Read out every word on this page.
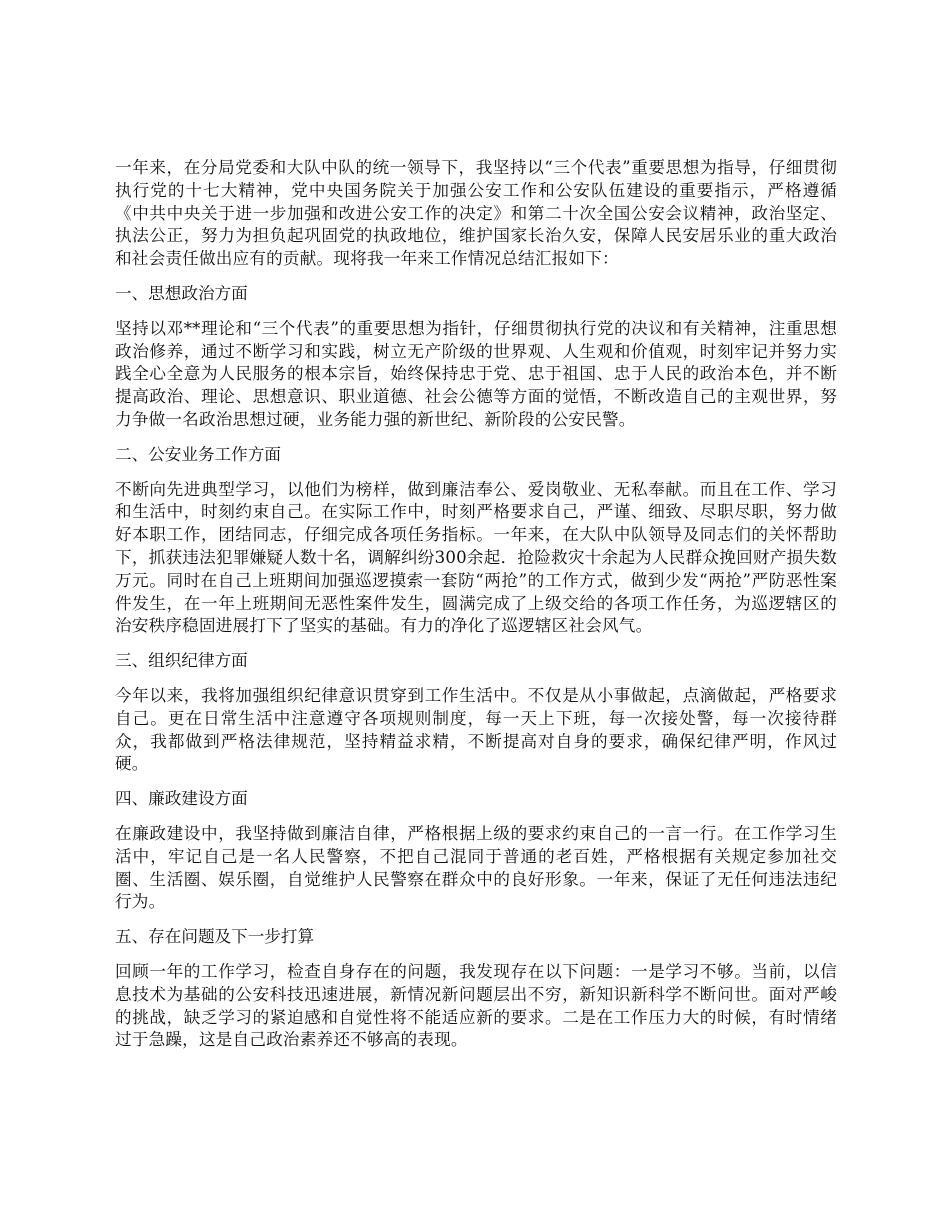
一年来，在分局党委和大队中队的统一领导下，我坚持以“三个代表”重要思想为指导，仔细贯彻执行党的十七大精神，党中央国务院关于加强公安工作和公安队伍建设的重要指示，严格遵循《中共中央关于进一步加强和改进公安工作的决定》和第二十次全国公安会议精神，政治坚定、执法公正，努力为担负起巩固党的执政地位，维护国家长治久安，保障人民安居乐业的重大政治和社会责任做出应有的贡献。现将我一年来工作情况总结汇报如下：

一、思想政治方面

坚持以邓**理论和“三个代表”的重要思想为指针，仔细贯彻执行党的决议和有关精神，注重思想政治修养，通过不断学习和实践，树立无产阶级的世界观、人生观和价值观，时刻牢记并努力实践全心全意为人民服务的根本宗旨，始终保持忠于党、忠于祖国、忠于人民的政治本色，并不断提高政治、理论、思想意识、职业道德、社会公德等方面的觉悟，不断改造自己的主观世界，努力争做一名政治思想过硬，业务能力强的新世纪、新阶段的公安民警。

二、公安业务工作方面

不断向先进典型学习，以他们为榜样，做到廉洁奉公、爱岗敬业、无私奉献。而且在工作、学习和生活中，时刻约束自己。在实际工作中，时刻严格要求自己，严谨、细致、尽职尽职，努力做好本职工作，团结同志，仔细完成各项任务指标。一年来，在大队中队领导及同志们的关怀帮助下，抓获违法犯罪嫌疑人数十名，调解纠纷300余起．抢险救灾十余起为人民群众挽回财产损失数万元。同时在自己上班期间加强巡逻摸索一套防“两抢”的工作方式，做到少发“两抢”严防恶性案件发生，在一年上班期间无恶性案件发生，圆满完成了上级交给的各项工作任务，为巡逻辖区的治安秩序稳固进展打下了坚实的基础。有力的净化了巡逻辖区社会风气。

三、组织纪律方面

今年以来，我将加强组织纪律意识贯穿到工作生活中。不仅是从小事做起，点滴做起，严格要求自己。更在日常生活中注意遵守各项规则制度，每一天上下班，每一次接处警，每一次接待群众，我都做到严格法律规范，坚持精益求精，不断提高对自身的要求，确保纪律严明，作风过硬。

四、廉政建设方面

在廉政建设中，我坚持做到廉洁自律，严格根据上级的要求约束自己的一言一行。在工作学习生活中，牢记自己是一名人民警察，不把自己混同于普通的老百姓，严格根据有关规定参加社交圈、生活圈、娱乐圈，自觉维护人民警察在群众中的良好形象。一年来，保证了无任何违法违纪行为。

五、存在问题及下一步打算

回顾一年的工作学习，检查自身存在的问题，我发现存在以下问题：一是学习不够。当前，以信息技术为基础的公安科技迅速进展，新情况新问题层出不穷，新知识新科学不断问世。面对严峻的挑战，缺乏学习的紧迫感和自觉性将不能适应新的要求。二是在工作压力大的时候，有时情绪过于急躁，这是自己政治素养还不够高的表现。
